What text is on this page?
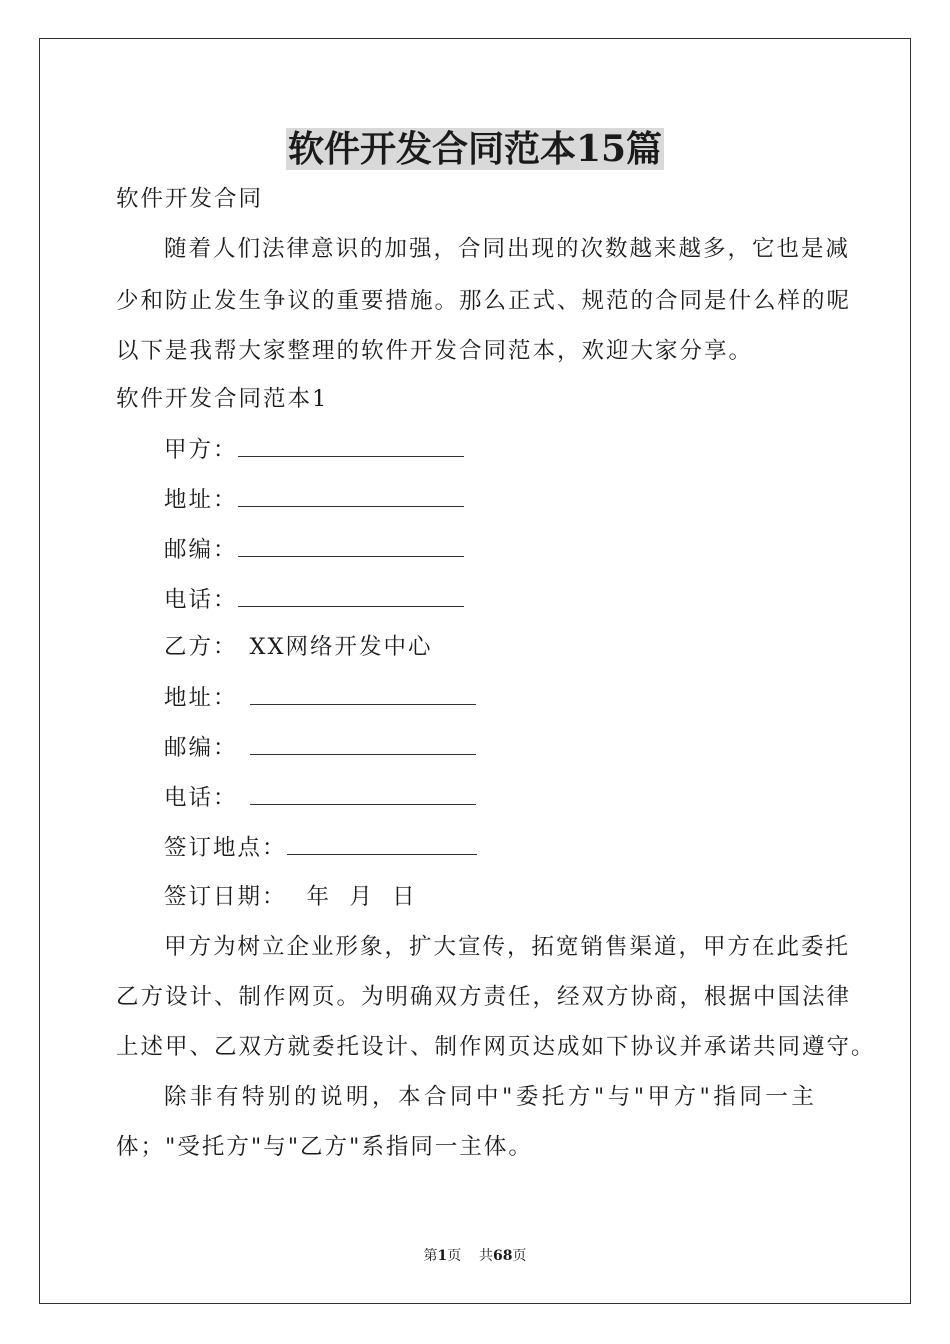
软件开发合同范本15篇
软件开发合同
随着人们法律意识的加强，合同出现的次数越来越多，它也是减
少和防止发生争议的重要措施。那么正式、规范的合同是什么样的呢
以下是我帮大家整理的软件开发合同范本，欢迎大家分享。
软件开发合同范本1
甲方：
地址：
邮编：
电话：
乙方： XX网络开发中心
地址：
邮编：
电话：
签订地点：
签订日期： 年  月  日
甲方为树立企业形象，扩大宣传，拓宽销售渠道，甲方在此委托
乙方设计、制作网页。为明确双方责任，经双方协商，根据中国法律
上述甲、乙双方就委托设计、制作网页达成如下协议并承诺共同遵守。
除非有特别的说明，本合同中"委托方"与"甲方"指同一主
体；"受托方"与"乙方"系指同一主体。
第1页 共68页
